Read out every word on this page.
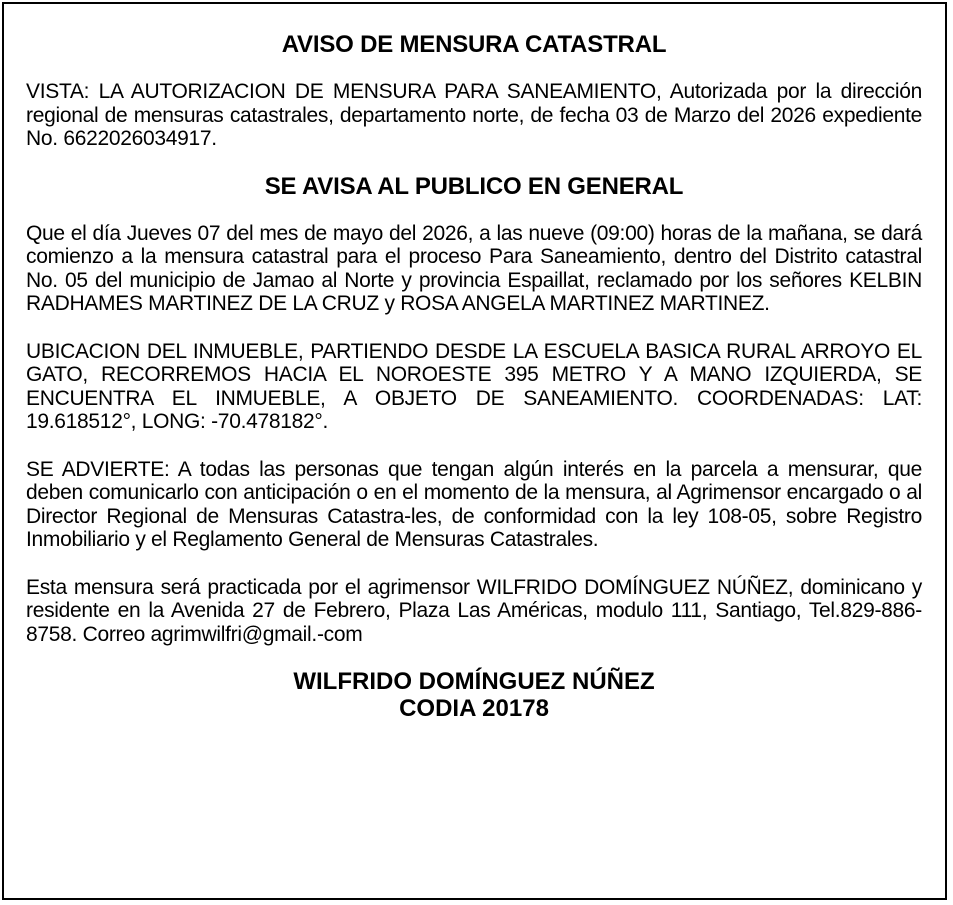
AVISO DE MENSURA CATASTRAL

VISTA: LA AUTORIZACION DE MENSURA PARA SANEAMIENTO, Autorizada por la dirección regional de mensuras catastrales, departamento norte, de fecha 03 de Marzo del 2026 expediente No. 6622026034917.

SE AVISA AL PUBLICO EN GENERAL

Que el día Jueves 07 del mes de mayo del 2026, a las nueve (09:00) horas de la mañana, se dará comienzo a la mensura catastral para el proceso Para Saneamiento, dentro del Distrito catastral No. 05 del municipio de Jamao al Norte y provincia Espaillat, reclamado por los señores KELBIN RADHAMES MARTINEZ DE LA CRUZ y ROSA ANGELA MARTINEZ MARTINEZ.

UBICACION DEL INMUEBLE, PARTIENDO DESDE LA ESCUELA BASICA RURAL ARROYO EL GATO, RECORREMOS HACIA EL NOROESTE 395 METRO Y A MANO IZQUIERDA, SE ENCUENTRA EL INMUEBLE, A OBJETO DE SANEAMIENTO. COORDENADAS: LAT: 19.618512°, LONG: -70.478182°.

SE ADVIERTE: A todas las personas que tengan algún interés en la parcela a mensurar, que deben comunicarlo con anticipación o en el momento de la mensura, al Agrimensor encargado o al Director Regional de Mensuras Catastra-les, de conformidad con la ley 108-05, sobre Registro Inmobiliario y el Reglamento General de Mensuras Catastrales.

Esta mensura será practicada por el agrimensor WILFRIDO DOMÍNGUEZ NÚÑEZ, dominicano y residente en la Avenida 27 de Febrero, Plaza Las Américas, modulo 111, Santiago, Tel.829-886-8758. Correo agrimwilfri@gmail.-com

WILFRIDO DOMÍNGUEZ NÚÑEZ

CODIA 20178
